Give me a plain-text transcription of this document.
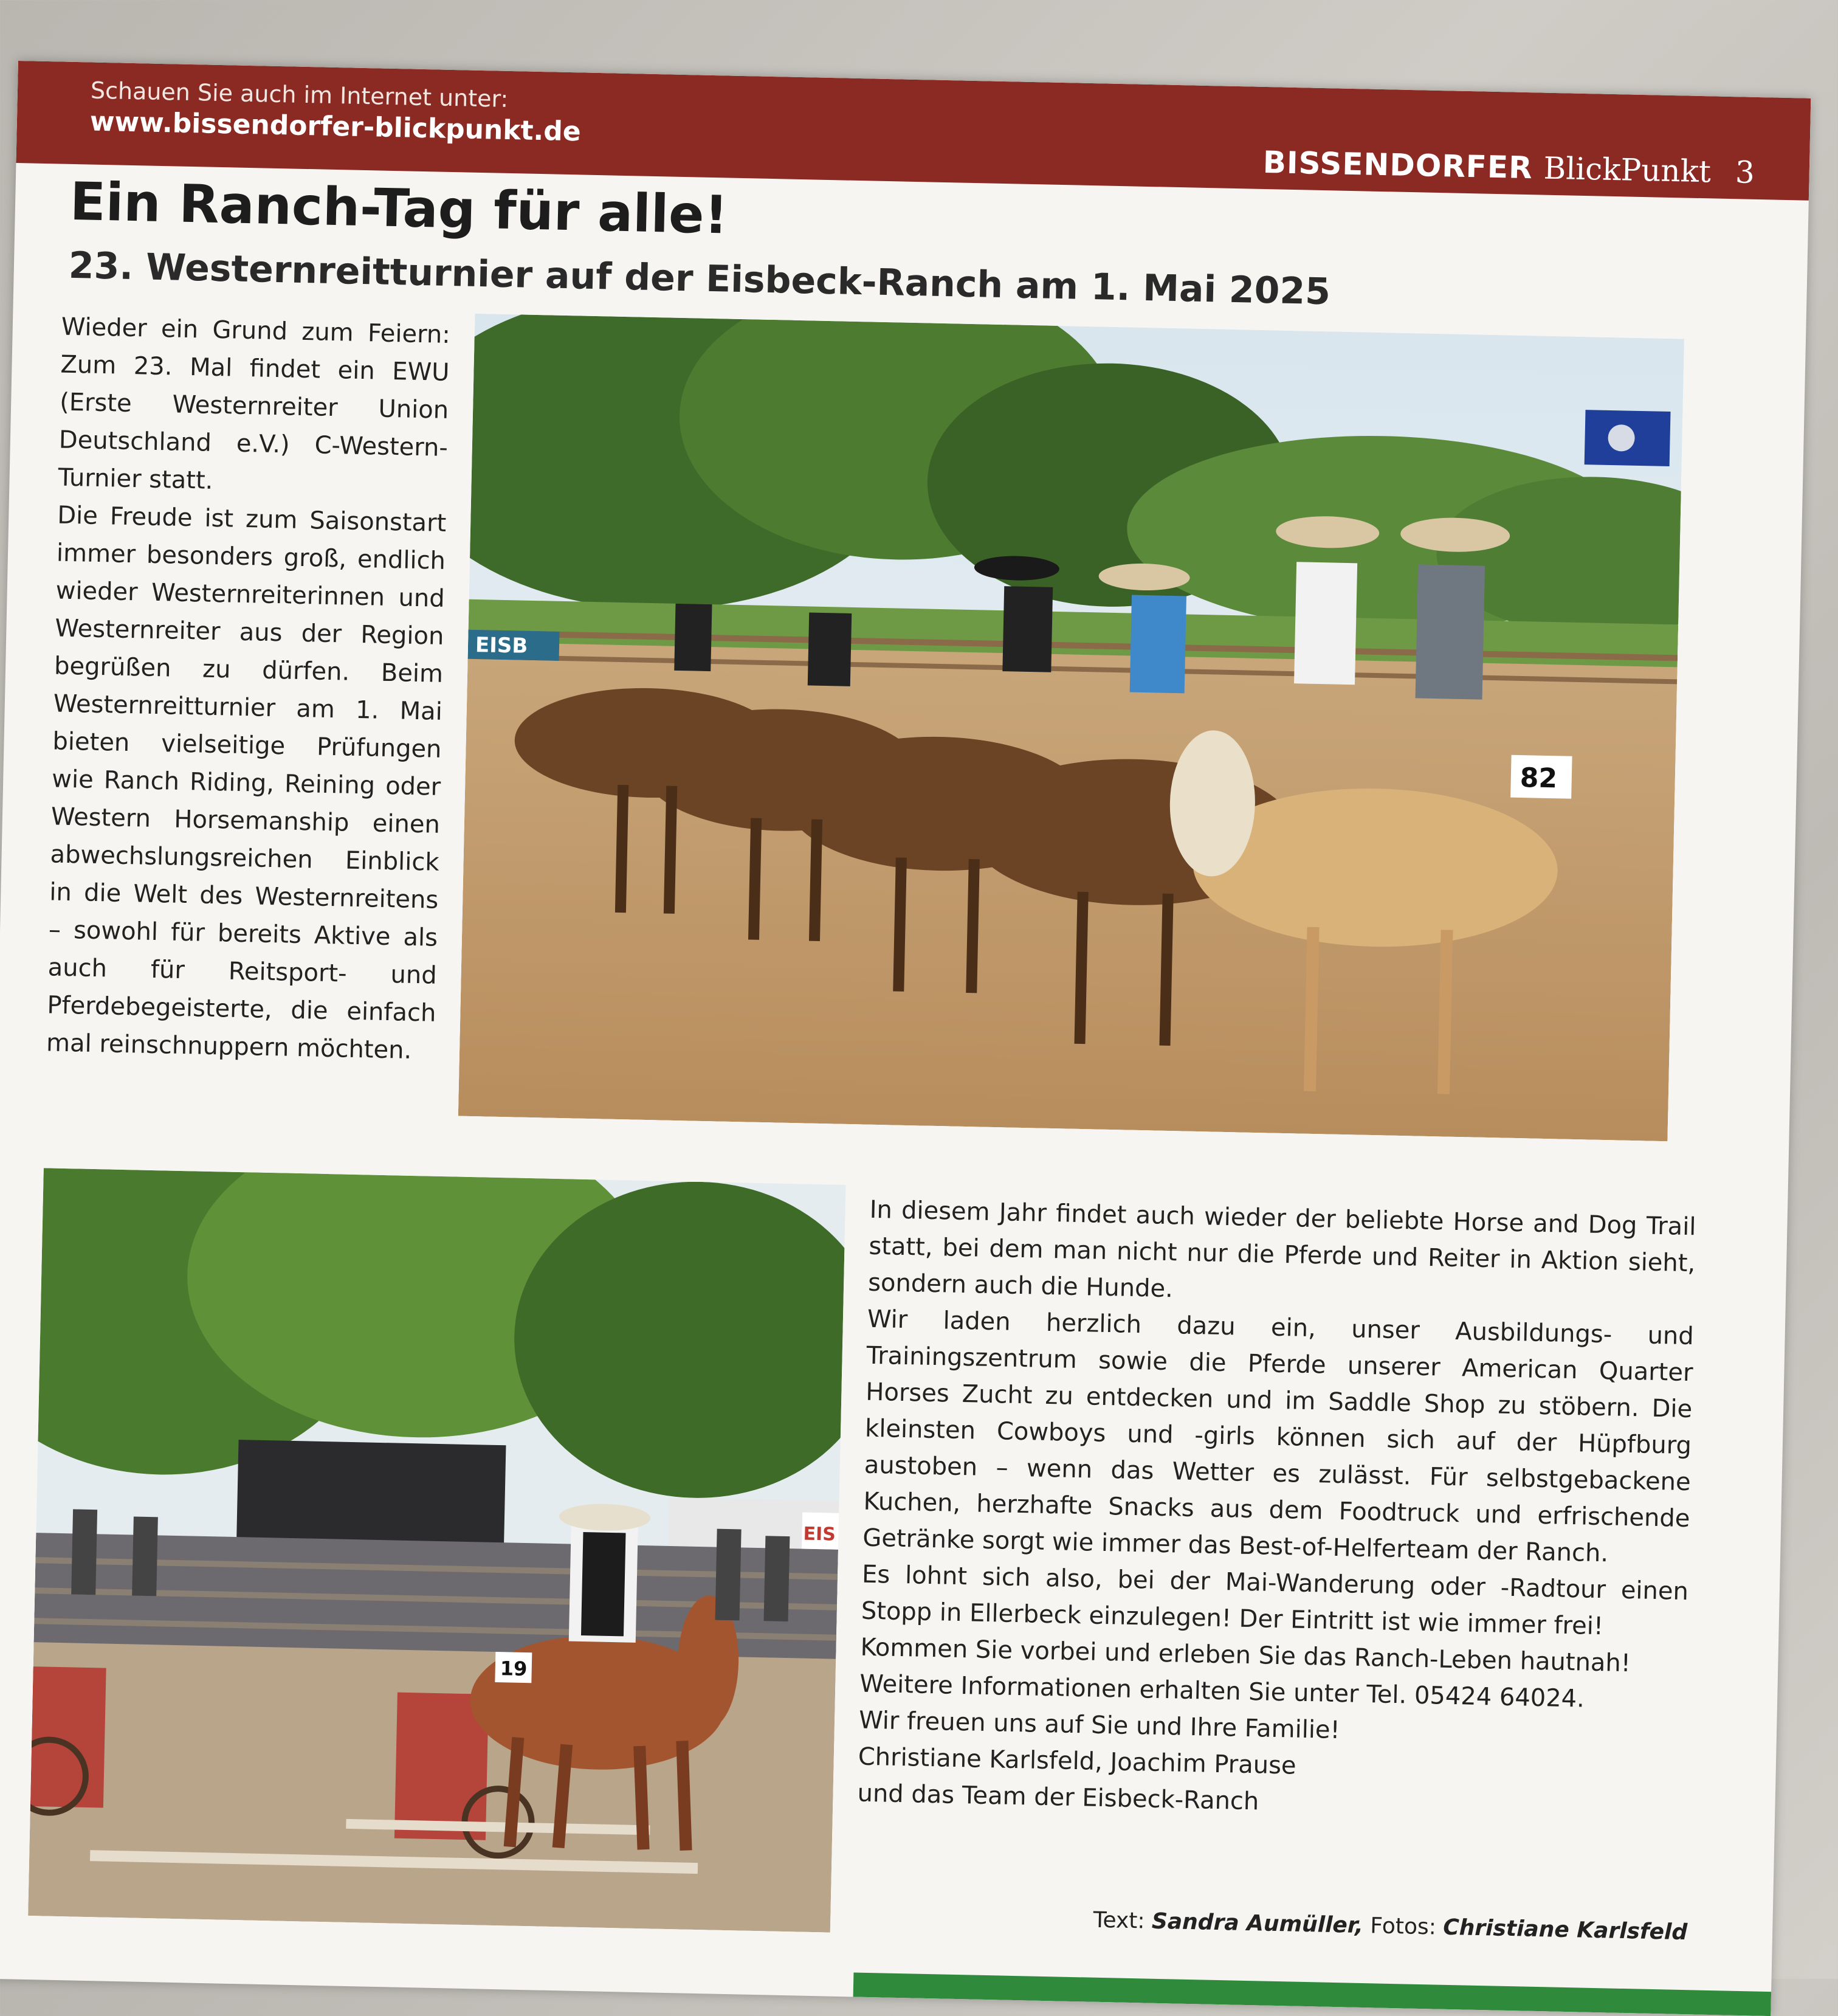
Schauen Sie auch im Internet unter:
www.bissendorfer-blickpunkt.de
BISSENDORFER BlickPunkt 3
Ein Ranch-Tag für alle!
23. Westernreitturnier auf der Eisbeck-Ranch am 1. Mai 2025

Wieder ein Grund zum Feiern: Zum 23. Mal findet ein EWU (Erste Westernreiter Union Deutschland e.V.) C-Western-Turnier statt.

Die Freude ist zum Saisonstart immer besonders groß, endlich wieder Westernreiterinnen und Westernreiter aus der Region begrüßen zu dürfen. Beim Westernreitturnier am 1. Mai bieten vielseitige Prüfungen wie Ranch Riding, Reining oder Western Horsemanship einen abwechslungsreichen Einblick in die Welt des Westernreitens – sowohl für bereits Aktive als auch für Reitsport- und Pferdebegeisterte, die einfach mal reinschnuppern möchten.

EISB
82
19
EIS

In diesem Jahr findet auch wieder der beliebte Horse and Dog Trail statt, bei dem man nicht nur die Pferde und Reiter in Aktion sieht, sondern auch die Hunde.

Wir laden herzlich dazu ein, unser Ausbildungs- und Trainingszentrum sowie die Pferde unserer American Quarter Horses Zucht zu entdecken und im Saddle Shop zu stöbern. Die kleinsten Cowboys und -girls können sich auf der Hüpfburg austoben – wenn das Wetter es zulässt. Für selbstgebackene Kuchen, herzhafte Snacks aus dem Foodtruck und erfrischende Getränke sorgt wie immer das Best-of-Helferteam der Ranch.

Es lohnt sich also, bei der Mai-Wanderung oder -Radtour einen Stopp in Ellerbeck einzulegen! Der Eintritt ist wie immer frei!

Kommen Sie vorbei und erleben Sie das Ranch-Leben hautnah!

Weitere Informationen erhalten Sie unter Tel. 05424 64024.

Wir freuen uns auf Sie und Ihre Familie!

Christiane Karlsfeld, Joachim Prause

und das Team der Eisbeck-Ranch

Text: Sandra Aumüller, Fotos: Christiane Karlsfeld
